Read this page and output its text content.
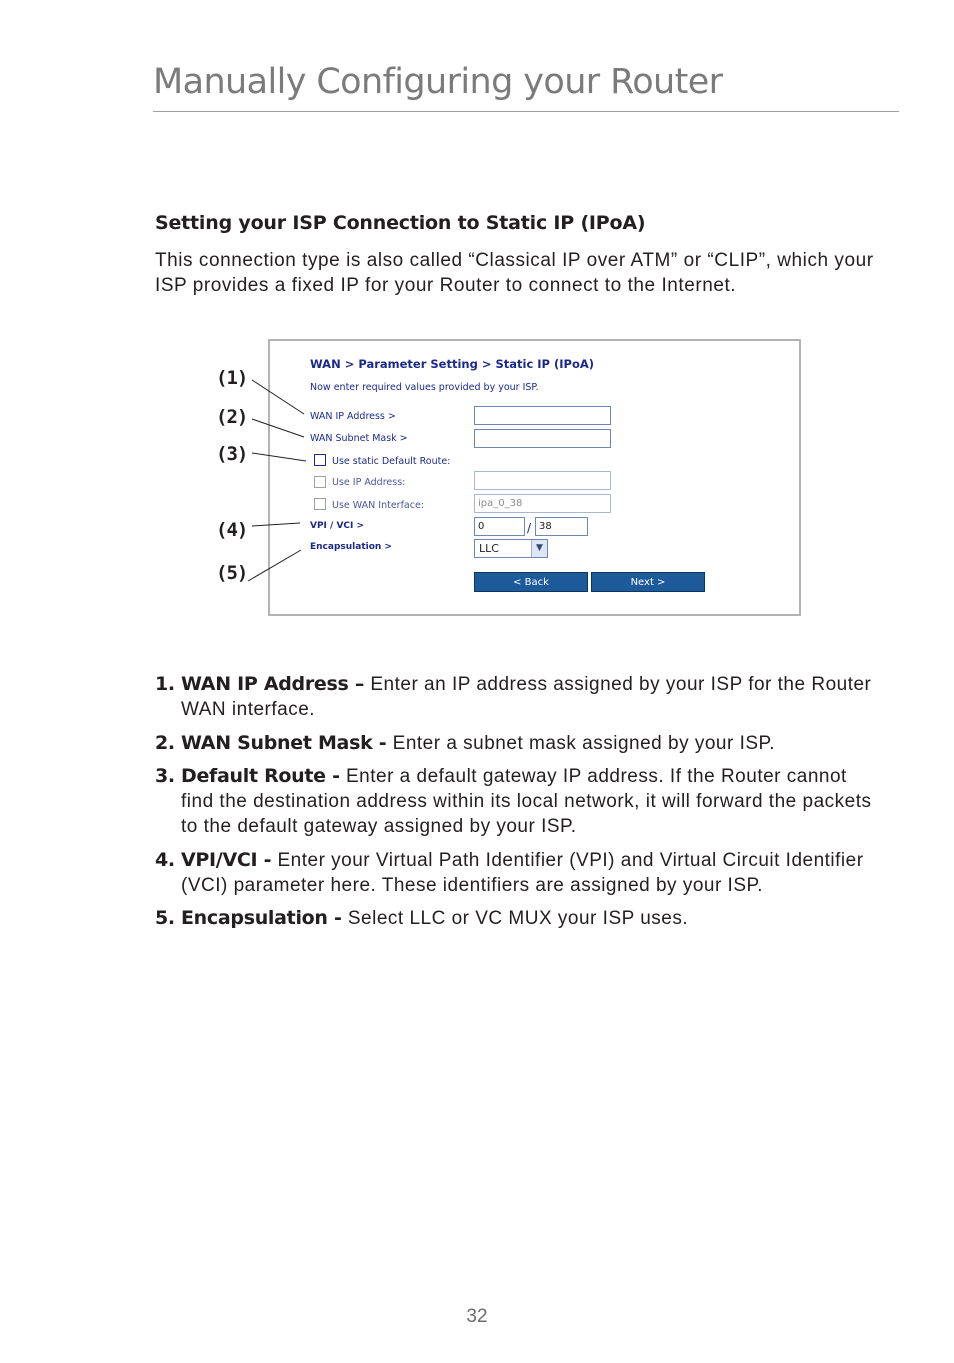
Manually Configuring your Router
Setting your ISP Connection to Static IP (IPoA)
This connection type is also called “Classical IP over ATM” or “CLIP”, which your ISP provides a fixed IP for your Router to connect to the Internet.
WAN > Parameter Setting > Static IP (IPoA)
Now enter required values provided by your ISP.
WAN IP Address >
WAN Subnet Mask >
Use static Default Route:
Use IP Address:
Use WAN Interface:	ipa_0_38
VPI / VCI >	0	/ 38
Encapsulation >	LLC	▼
< Back	Next >
(1)
(2)
(3)
(4)
(5)
1. WAN IP Address – Enter an IP address assigned by your ISP for the Router WAN interface.
2. WAN Subnet Mask - Enter a subnet mask assigned by your ISP.
3. Default Route - Enter a default gateway IP address. If the Router cannot find the destination address within its local network, it will forward the packets to the default gateway assigned by your ISP.
4. VPI/VCI - Enter your Virtual Path Identifier (VPI) and Virtual Circuit Identifier (VCI) parameter here. These identifiers are assigned by your ISP.
5. Encapsulation - Select LLC or VC MUX your ISP uses.
32
